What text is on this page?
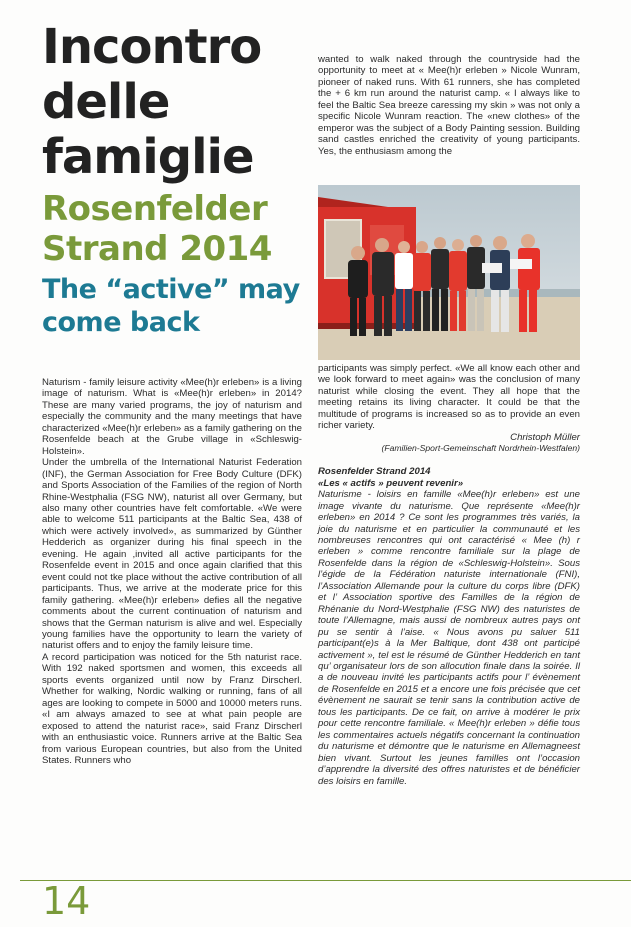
Incontro delle famiglie
Rosenfelder Strand 2014
The “active” may come back

Naturism - family leisure activity «Mee(h)r erleben» is a living image of naturism. What is «Mee(h)r erleben» in 2014? These are many varied programs, the joy of naturism and especially the community and the many meetings that have characterized «Mee(h)r erleben» as a family gathering on the Rosenfelde beach at the Grube village in «Schleswig-Holstein».

Under the umbrella of the International Naturist Federation (INF), the German Association for Free Body Culture (DFK) and Sports Association of the Families of the region of North Rhine-Westphalia (FSG NW), naturist all over Germany, but also many other countries have felt comfortable. «We were able to welcome 511 participants at the Baltic Sea, 438 of which were actively involved», as summarized by Günther Hedderich as organizer during his final speech in the evening. He again ,invited all active participants for the Rosenfelde event in 2015 and once again clarified that this event could not tke place without the active contribution of all participants. Thus, we arrive at the moderate price for this family gathering. «Mee(h)r erleben» defies all the negative comments about the current continuation of naturism and shows that the German naturism is alive and wel. Especially young families have the opportunity to learn the variety of naturist offers and to enjoy the family leisure time.

A record participation was noticed for the 5th naturist race. With 192 naked sportsmen and women, this exceeds all sports events organized until now by Franz Dirscherl. Whether for walking, Nordic walking or running, fans of all ages are looking to compete in 5000 and 10000 meters runs. «I am always amazed to see at what pain people are exposed to attend the naturist race», said Franz Dirscherl with an enthusiastic voice. Runners arrive at the Baltic Sea from various European countries, but also from the United States. Runners who

wanted to walk naked through the countryside had the opportunity to meet at « Mee(h)r erleben » Nicole Wunram, pioneer of naked runs. With 61 runners, she has completed the + 6 km run around the naturist camp. « I always like to feel the Baltic Sea breeze caressing my skin » was not only a specific Nicole Wunram reaction. The «new clothes» of the emperor was the subject of a Body Painting session. Building sand castles enriched the creativity of young participants. Yes, the enthusiasm among the

participants was simply perfect. «We all know each other and we look forward to meet again» was the conclusion of many naturist while closing the event. They all hope that the meeting retains its living character. It could be that the multitude of programs is increased so as to provide an even richer variety.

Christoph Müller

(Familien-Sport-Gemeinschaft Nordrhein-Westfalen)

Rosenfelder Strand 2014

«Les « actifs » peuvent revenir»

Naturisme - loisirs en famille «Mee(h)r erleben» est une image vivante du naturisme. Que représente «Mee(h)r erleben» en 2014 ? Ce sont les programmes très variés, la joie du naturisme et en particulier la communauté et les nombreuses rencontres qui ont caractérisé « Mee (h) r erleben » comme rencontre familiale sur la plage de Rosenfelde dans la région de «Schleswig-Holstein». Sous l’égide de la Fédération naturiste internationale (FNI), l’Association Allemande pour la culture du corps libre (DFK) et l’ Association sportive des Familles de la région de Rhénanie du Nord-Westphalie (FSG NW) des naturistes de toute l’Allemagne, mais aussi de nombreux autres pays ont pu se sentir à l’aise. « Nous avons pu saluer 511 participant(e)s à la Mer Baltique, dont 438 ont participé activement », tel est le résumé de Günther Hedderich en tant qu’ organisateur lors de son allocution finale dans la soirée. Il a de nouveau invité les participants actifs pour l’ évènement de Rosenfelde en 2015 et a encore une fois précisée que cet évènement ne saurait se tenir sans la contribution active de tous les participants. De ce fait, on arrive à modérer le prix pour cette rencontre familiale. « Mee(h)r erleben » défie tous les commentaires actuels négatifs concernant la continuation du naturisme et démontre que le naturisme en Allemagneest bien vivant. Surtout les jeunes familles ont l’occasion d’apprendre la diversité des offres naturistes et de bénéficier des loisirs en famille.

14
